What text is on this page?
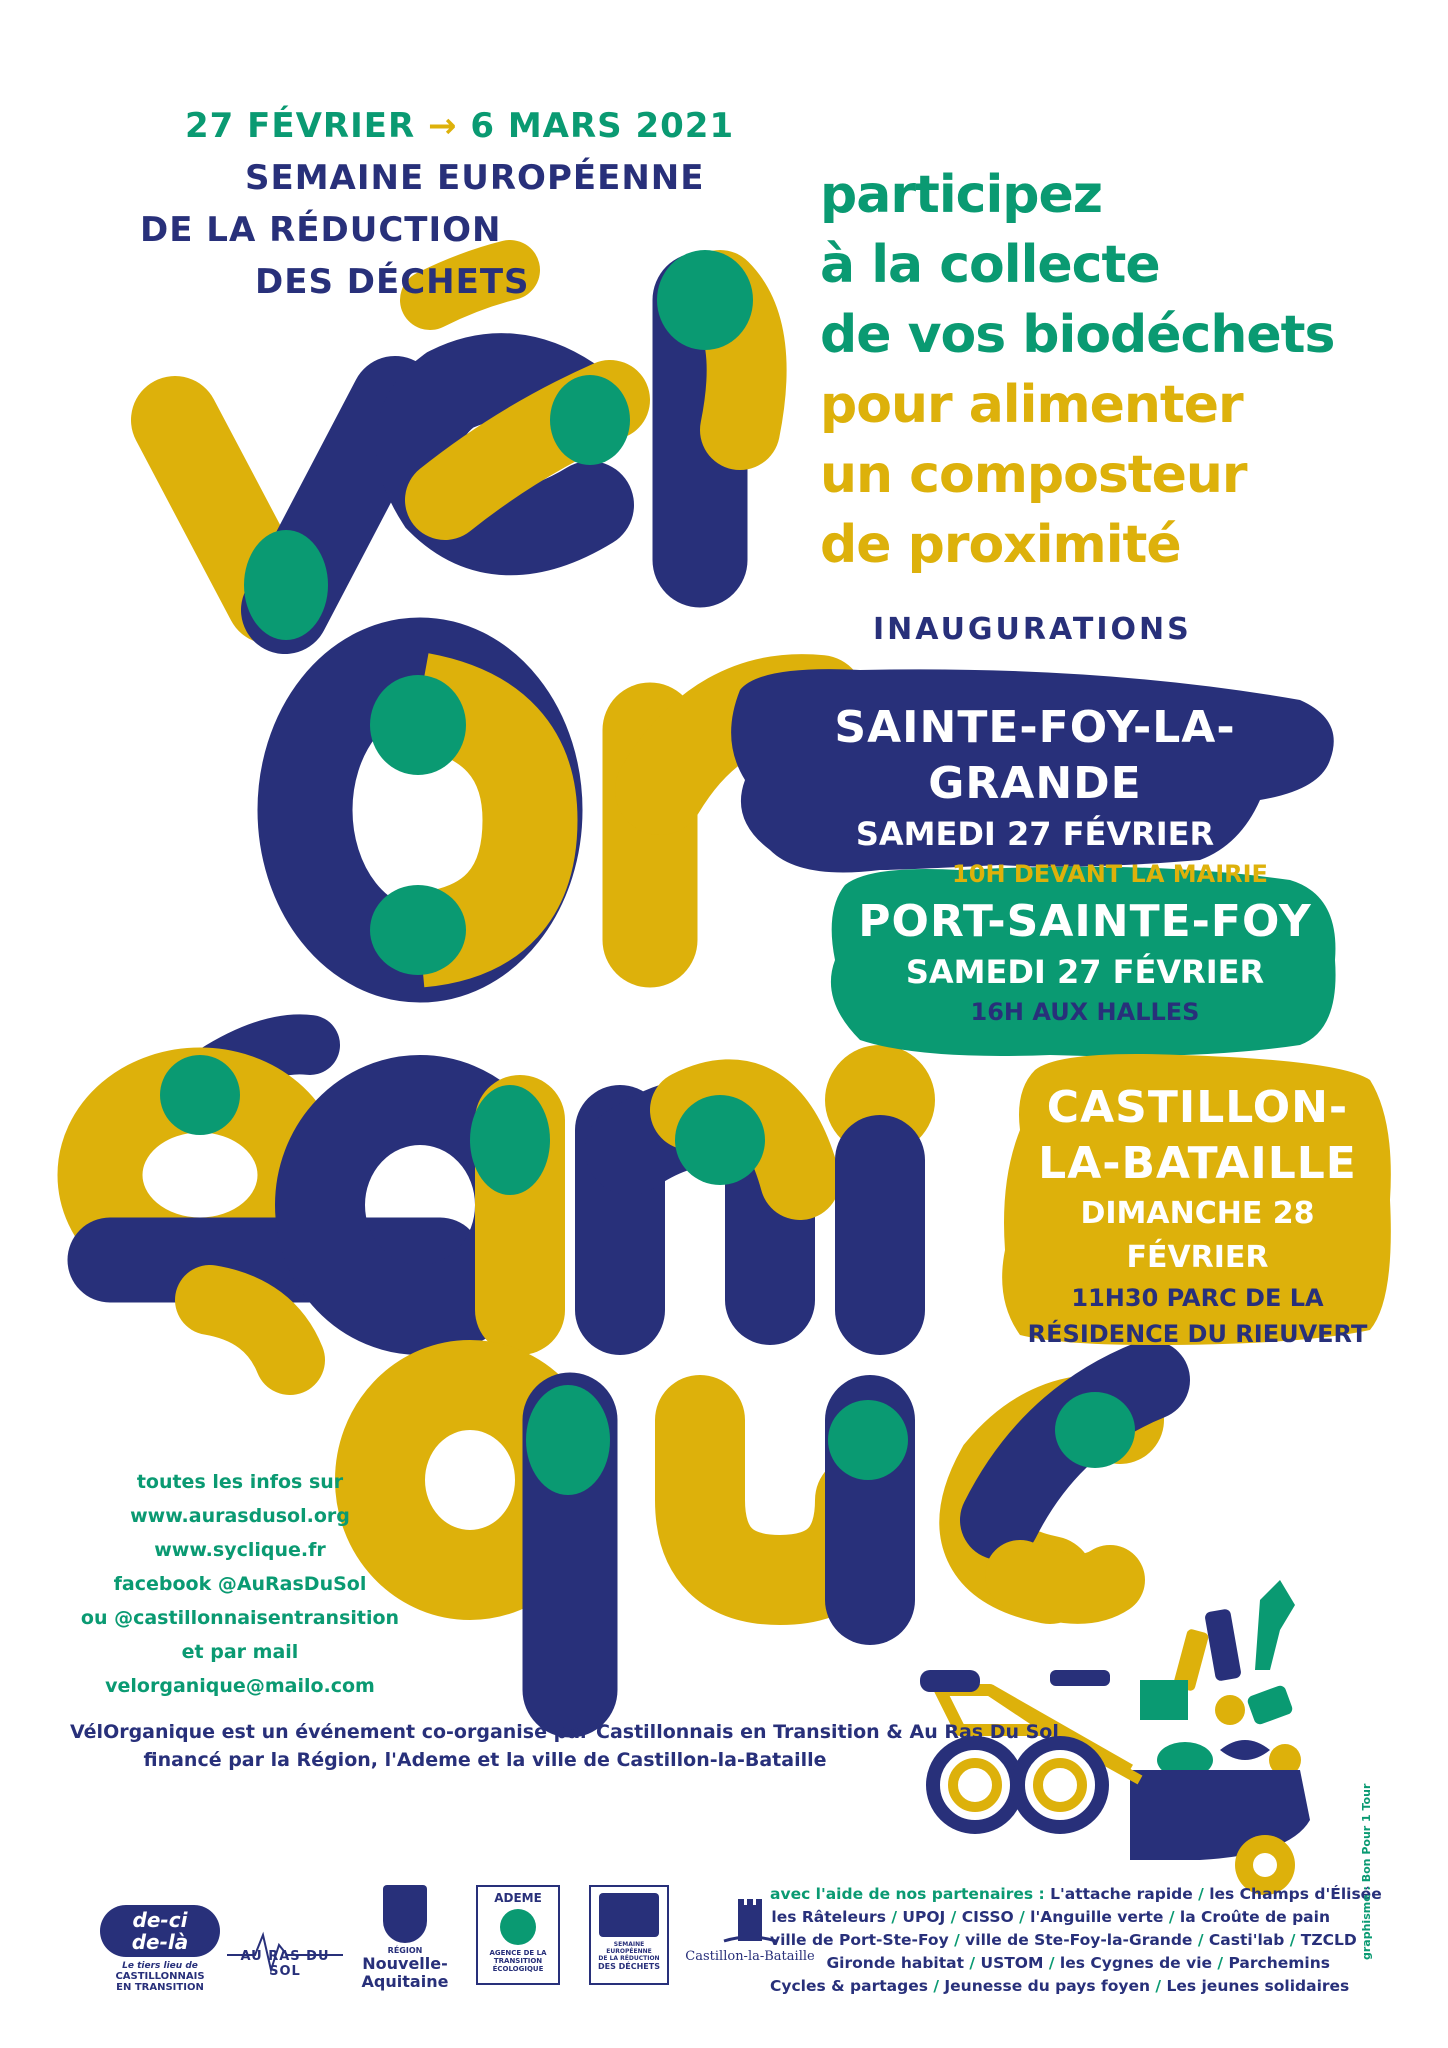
27 FÉVRIER → 6 MARS 2021
SEMAINE EUROPÉENNE
DE LA RÉDUCTION
DES DÉCHETS
participez
à la collecte
de vos biodéchets
pour alimenter
un composteur
de proximité
INAUGURATIONS
SAINTE-FOY-LA-GRANDE
SAMEDI 27 FÉVRIER
10H DEVANT LA MAIRIE
PORT-SAINTE-FOY
SAMEDI 27 FÉVRIER
16H AUX HALLES
CASTILLON-
LA-BATAILLE
DIMANCHE 28 FÉVRIER
11H30 PARC DE LA
RÉSIDENCE DU RIEUVERT
toutes les infos sur
www.aurasdusol.org
www.syclique.fr
facebook @AuRasDuSol
ou @castillonnaisentransition
et par mail
velorganique@mailo.com
VélOrganique est un événement co-organisé par Castillonnais en Transition & Au Ras Du Sol
financé par la Région, l'Ademe et la ville de Castillon-la-Bataille
avec l'aide de nos partenaires : L'attache rapide / les Champs d'Élisée
les Râteleurs / UPOJ / CISSO / l'Anguille verte / la Croûte de pain
ville de Port-Ste-Foy / ville de Ste-Foy-la-Grande / Casti'lab / TZCLD
Gironde habitat / USTOM / les Cygnes de vie / Parchemins
Cycles & partages / Jeunesse du pays foyen / Les jeunes solidaires
de-ci
de-là
Le tiers lieu de
CASTILLONNAIS
EN TRANSITION
AU RAS DU SOL
RÉGION
Nouvelle-
Aquitaine
ADEME
AGENCE DE LA
TRANSITION
ÉCOLOGIQUE
SEMAINE EUROPÉENNE
DE LA RÉDUCTION
DES DÉCHETS
Castillon-la-Bataille	graphisme : Bon Pour 1 Tour
